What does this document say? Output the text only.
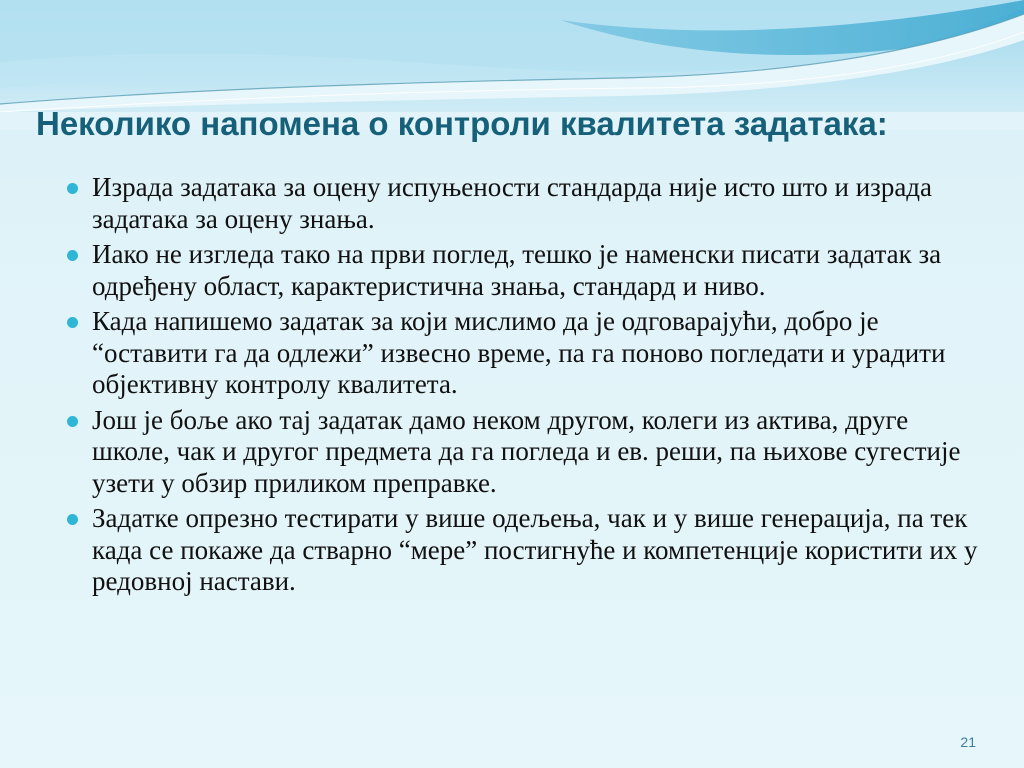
Неколико напомена о контроли квалитета задатака:
Израда задатака за оцену испуњености стандарда није исто што и израда задатака за оцену знања.
Иако не изгледа тако на први поглед, тешко је наменски писати задатак за одређену област, карактеристична знања, стандард и ниво.
Када напишемо задатак за који мислимо да је одговарајући, добро је “оставити га да одлежи” извесно време, па га поново погледати и урадити објективну контролу квалитета.
Још је боље ако тај задатак дамо неком другом, колеги из актива, друге школе, чак и другог предмета да га погледа и ев. реши, па њихове сугестије узети у обзир приликом преправке.
Задатке опрезно тестирати у више одељења, чак и у више генерација, па тек када се покаже да стварно “мере” постигнуће и компетенције користити их у редовној настави.
21
